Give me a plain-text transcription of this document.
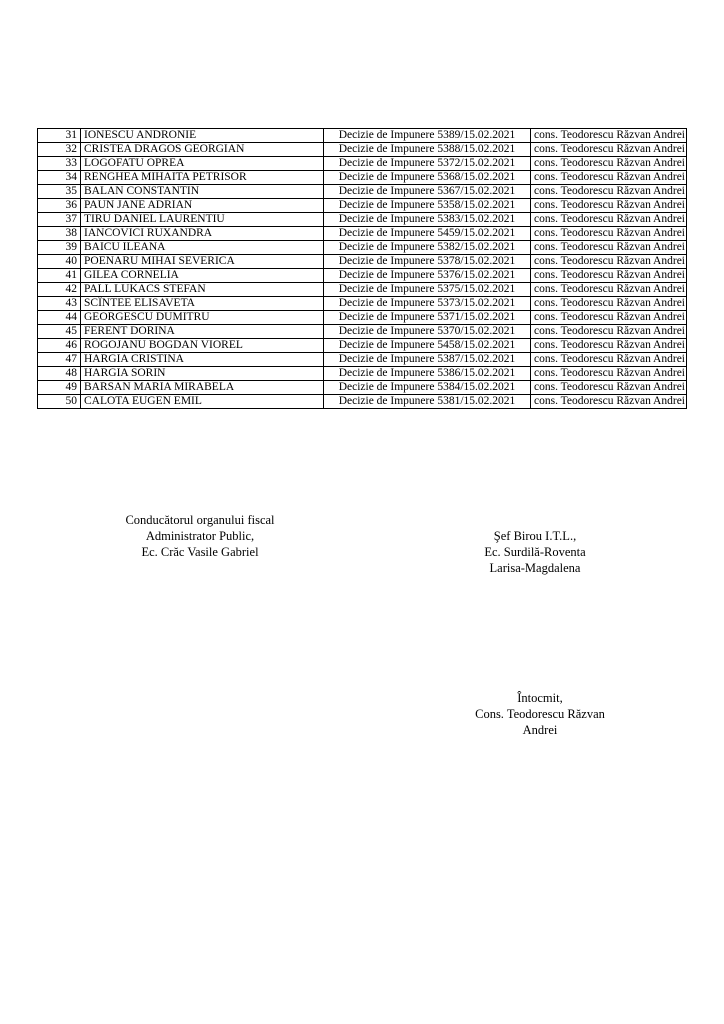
31	IONESCU ANDRONIE	Decizie de Impunere 5389/15.02.2021	cons. Teodorescu Răzvan Andrei
32	CRISTEA DRAGOS GEORGIAN	Decizie de Impunere 5388/15.02.2021	cons. Teodorescu Răzvan Andrei
33	LOGOFATU OPREA	Decizie de Impunere 5372/15.02.2021	cons. Teodorescu Răzvan Andrei
34	RENGHEA MIHAITA PETRISOR	Decizie de Impunere 5368/15.02.2021	cons. Teodorescu Răzvan Andrei
35	BALAN CONSTANTIN	Decizie de Impunere 5367/15.02.2021	cons. Teodorescu Răzvan Andrei
36	PAUN JANE ADRIAN	Decizie de Impunere 5358/15.02.2021	cons. Teodorescu Răzvan Andrei
37	TIRU DANIEL LAURENTIU	Decizie de Impunere 5383/15.02.2021	cons. Teodorescu Răzvan Andrei
38	IANCOVICI RUXANDRA	Decizie de Impunere 5459/15.02.2021	cons. Teodorescu Răzvan Andrei
39	BAICU ILEANA	Decizie de Impunere 5382/15.02.2021	cons. Teodorescu Răzvan Andrei
40	POENARU MIHAI SEVERICA	Decizie de Impunere 5378/15.02.2021	cons. Teodorescu Răzvan Andrei
41	GILEA CORNELIA	Decizie de Impunere 5376/15.02.2021	cons. Teodorescu Răzvan Andrei
42	PALL LUKACS STEFAN	Decizie de Impunere 5375/15.02.2021	cons. Teodorescu Răzvan Andrei
43	SCÎNTEE ELISAVETA	Decizie de Impunere 5373/15.02.2021	cons. Teodorescu Răzvan Andrei
44	GEORGESCU DUMITRU	Decizie de Impunere 5371/15.02.2021	cons. Teodorescu Răzvan Andrei
45	FERENT DORINA	Decizie de Impunere 5370/15.02.2021	cons. Teodorescu Răzvan Andrei
46	ROGOJANU BOGDAN VIOREL	Decizie de Impunere 5458/15.02.2021	cons. Teodorescu Răzvan Andrei
47	HARGIA CRISTINA	Decizie de Impunere 5387/15.02.2021	cons. Teodorescu Răzvan Andrei
48	HARGIA SORIN	Decizie de Impunere 5386/15.02.2021	cons. Teodorescu Răzvan Andrei
49	BARSAN MARIA MIRABELA	Decizie de Impunere 5384/15.02.2021	cons. Teodorescu Răzvan Andrei
50	CALOTA EUGEN EMIL	Decizie de Impunere 5381/15.02.2021	cons. Teodorescu Răzvan Andrei
Conducătorul organului fiscal
Administrator Public,
Ec. Crăc Vasile Gabriel
Şef Birou I.T.L.,
Ec. Surdilă-Roventa
Larisa-Magdalena
Întocmit,
Cons. Teodorescu Răzvan
Andrei
